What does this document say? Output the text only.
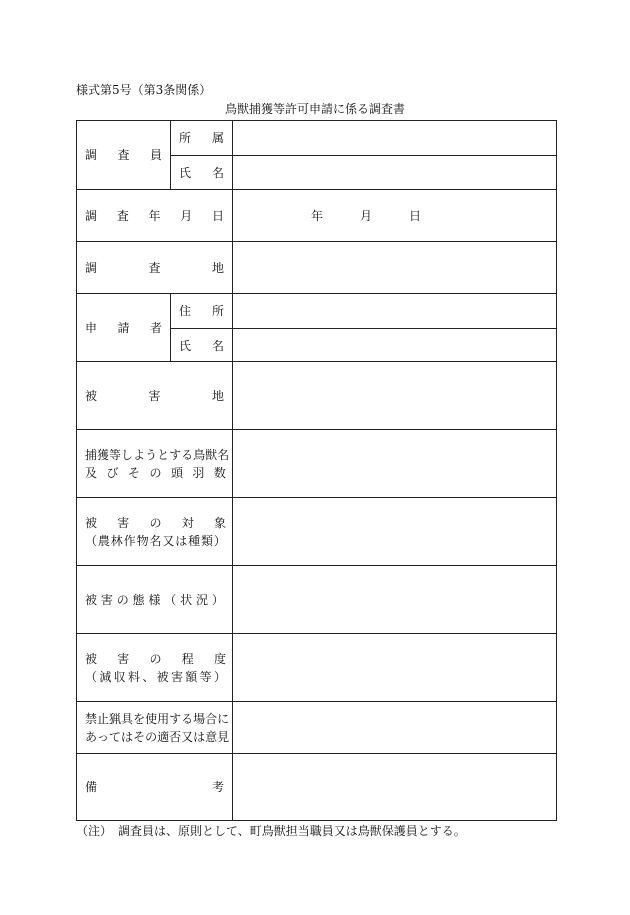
様式第5号（第3条関係）
鳥獣捕獲等許可申請に係る調査書
調 査 員
所 属
氏 名
調 査 年 月 日	年	月	日
調	査	地
申 請 者
住 所
氏 名
被	害	地
捕 獲 等 し よ う と す る 鳥 獣 名
及 び そ の 頭 羽 数
被 害 の 対 象
（ 農 林 作 物 名 又 は 種 類 ）
被 害 の 態 様 （ 状 況 ）
被 害 の 程 度
（ 減 収 料 、 被 害 額 等 ）
禁 止 猟 具 を 使 用 す る 場 合 に
あ っ て は そ の 適 否 又 は 意 見
備	考
（注）　調査員は、原則として、町鳥獣担当職員又は鳥獣保護員とする。
